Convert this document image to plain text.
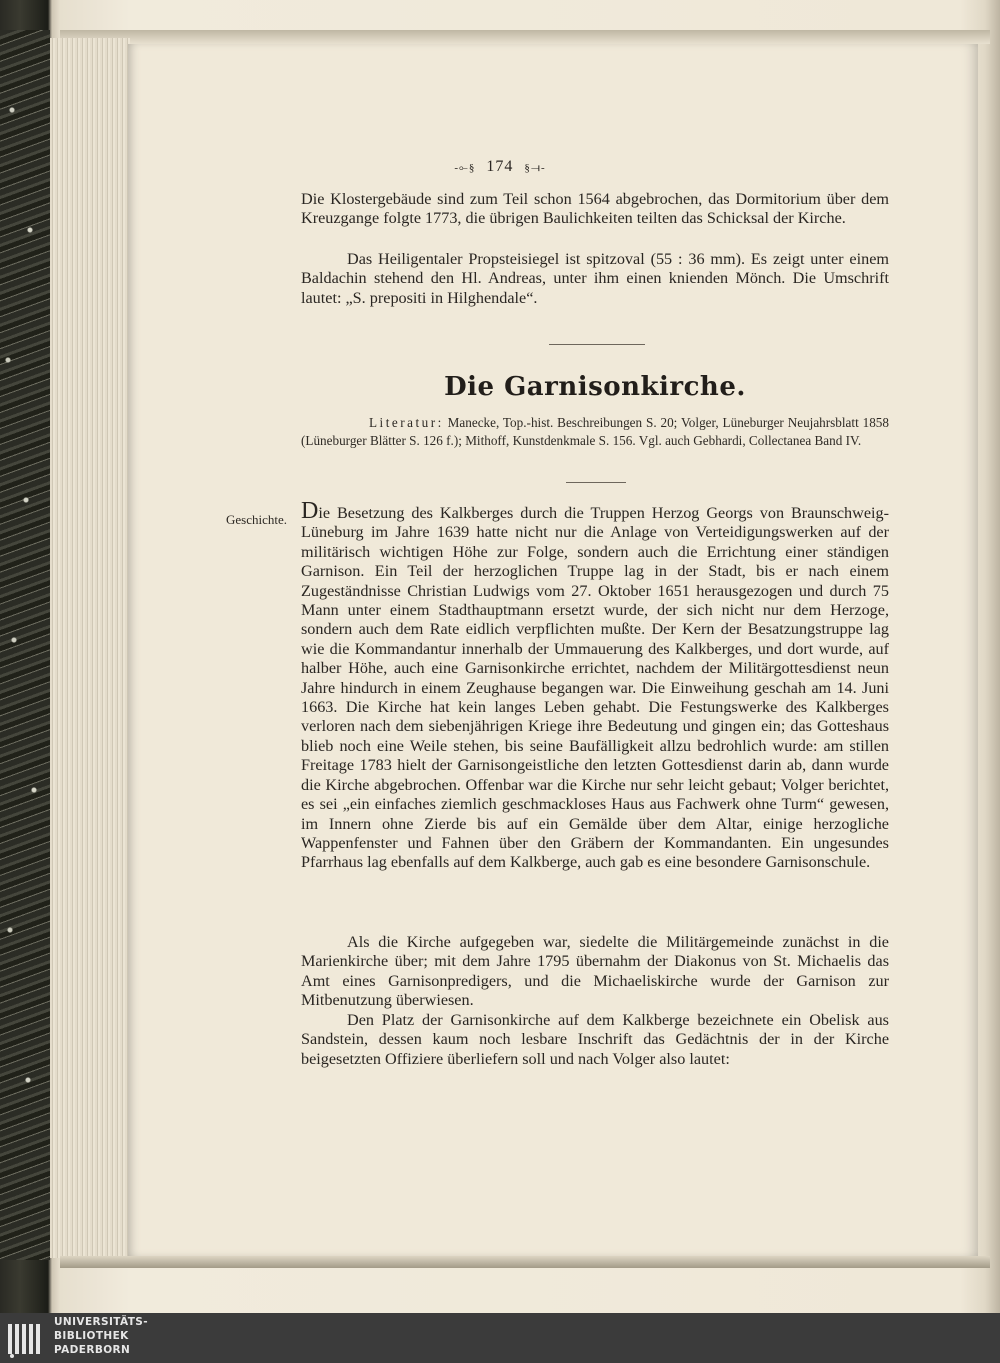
‑⟜§ 174 §⟞‑
Die Klostergebäude sind zum Teil schon 1564 abgebrochen, das Dormitorium über dem Kreuzgange folgte 1773, die übrigen Baulichkeiten teilten das Schicksal der Kirche.
Das Heiligentaler Propsteisiegel ist spitzoval (55 : 36 mm). Es zeigt unter einem Baldachin stehend den Hl. Andreas, unter ihm einen knienden Mönch. Die Umschrift lautet: „S. prepositi in Hilghendale“.
Die Garnisonkirche.
Literatur: Manecke, Top.-hist. Beschreibungen S. 20; Volger, Lüneburger Neujahrsblatt 1858 (Lüneburger Blätter S. 126 f.); Mithoff, Kunstdenkmale S. 156. Vgl. auch Gebhardi, Collectanea Band IV.
Geschichte. Die Besetzung des Kalkberges durch die Truppen Herzog Georgs von Braunschweig-Lüneburg im Jahre 1639 hatte nicht nur die Anlage von Verteidigungswerken auf der militärisch wichtigen Höhe zur Folge, sondern auch die Errichtung einer ständigen Garnison. Ein Teil der herzoglichen Truppe lag in der Stadt, bis er nach einem Zugeständnisse Christian Ludwigs vom 27. Oktober 1651 herausgezogen und durch 75 Mann unter einem Stadthauptmann ersetzt wurde, der sich nicht nur dem Herzoge, sondern auch dem Rate eidlich verpflichten mußte. Der Kern der Besatzungstruppe lag wie die Kommandantur innerhalb der Ummauerung des Kalkberges, und dort wurde, auf halber Höhe, auch eine Garnisonkirche errichtet, nachdem der Militärgottesdienst neun Jahre hindurch in einem Zeughause begangen war. Die Einweihung geschah am 14. Juni 1663. Die Kirche hat kein langes Leben gehabt. Die Festungswerke des Kalkberges verloren nach dem siebenjährigen Kriege ihre Bedeutung und gingen ein; das Gotteshaus blieb noch eine Weile stehen, bis seine Baufälligkeit allzu bedrohlich wurde: am stillen Freitage 1783 hielt der Garnisongeistliche den letzten Gottesdienst darin ab, dann wurde die Kirche abgebrochen. Offenbar war die Kirche nur sehr leicht gebaut; Volger berichtet, es sei „ein einfaches ziemlich geschmackloses Haus aus Fachwerk ohne Turm“ gewesen, im Innern ohne Zierde bis auf ein Gemälde über dem Altar, einige herzogliche Wappenfenster und Fahnen über den Gräbern der Kommandanten. Ein ungesundes Pfarrhaus lag ebenfalls auf dem Kalkberge, auch gab es eine besondere Garnisonschule.
Als die Kirche aufgegeben war, siedelte die Militärgemeinde zunächst in die Marienkirche über; mit dem Jahre 1795 übernahm der Diakonus von St. Michaelis das Amt eines Garnisonpredigers, und die Michaeliskirche wurde der Garnison zur Mitbenutzung überwiesen.
Den Platz der Garnisonkirche auf dem Kalkberge bezeichnete ein Obelisk aus Sandstein, dessen kaum noch lesbare Inschrift das Gedächtnis der in der Kirche beigesetzten Offiziere überliefern soll und nach Volger also lautet:
UNIVERSITÄTS-
BIBLIOTHEK
PADERBORN
